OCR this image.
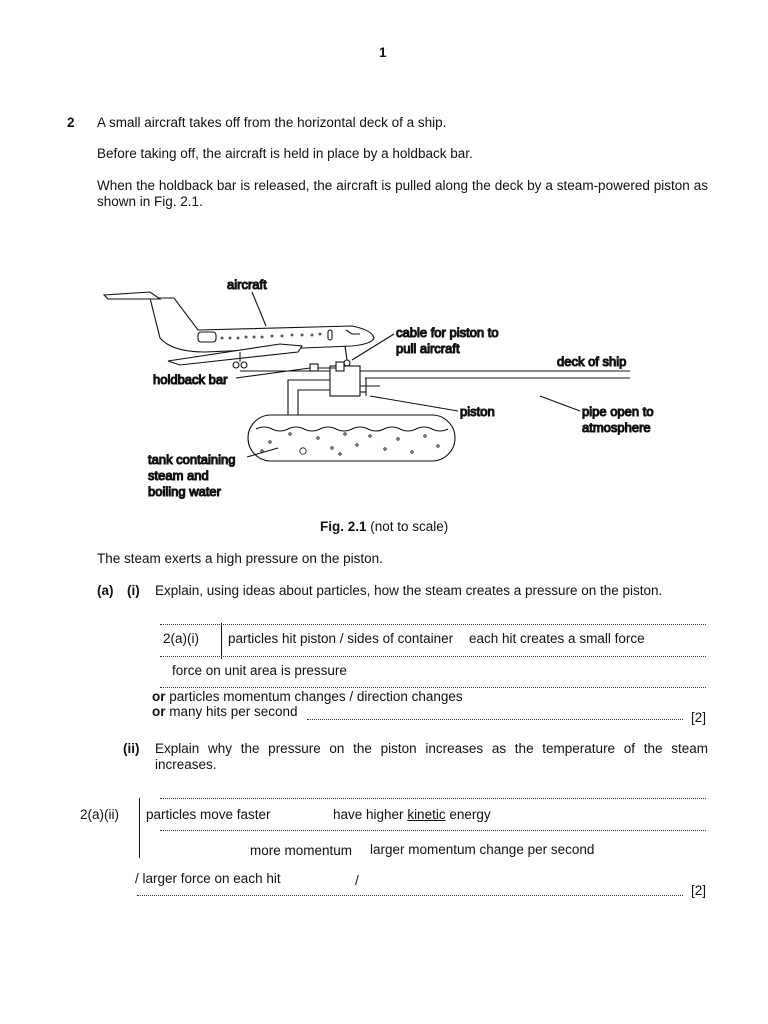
1
2 A small aircraft takes off from the horizontal deck of a ship.
Before taking off, the aircraft is held in place by a holdback bar.
When the holdback bar is released, the aircraft is pulled along the deck by a steam-powered piston as shown in Fig. 2.1.
aircraft
cable for piston to
pull aircraft
deck of ship
holdback bar
piston	pipe open to
atmosphere
tank containing
steam and
boiling water
Fig. 2.1 (not to scale)
The steam exerts a high pressure on the piston.
(a) (i) Explain, using ideas about particles, how the steam creates a pressure on the piston.
2(a)(i) particles hit piston / sides of container each hit creates a small force
force on unit area is pressure
or particles momentum changes / direction changes
or many hits per second	[2]
(ii) Explain why the pressure on the piston increases as the temperature of the steam increases.
2(a)(ii) particles move faster	have higher kinetic energy
more momentum larger momentum change per second
/ larger force on each hit	/
[2]
